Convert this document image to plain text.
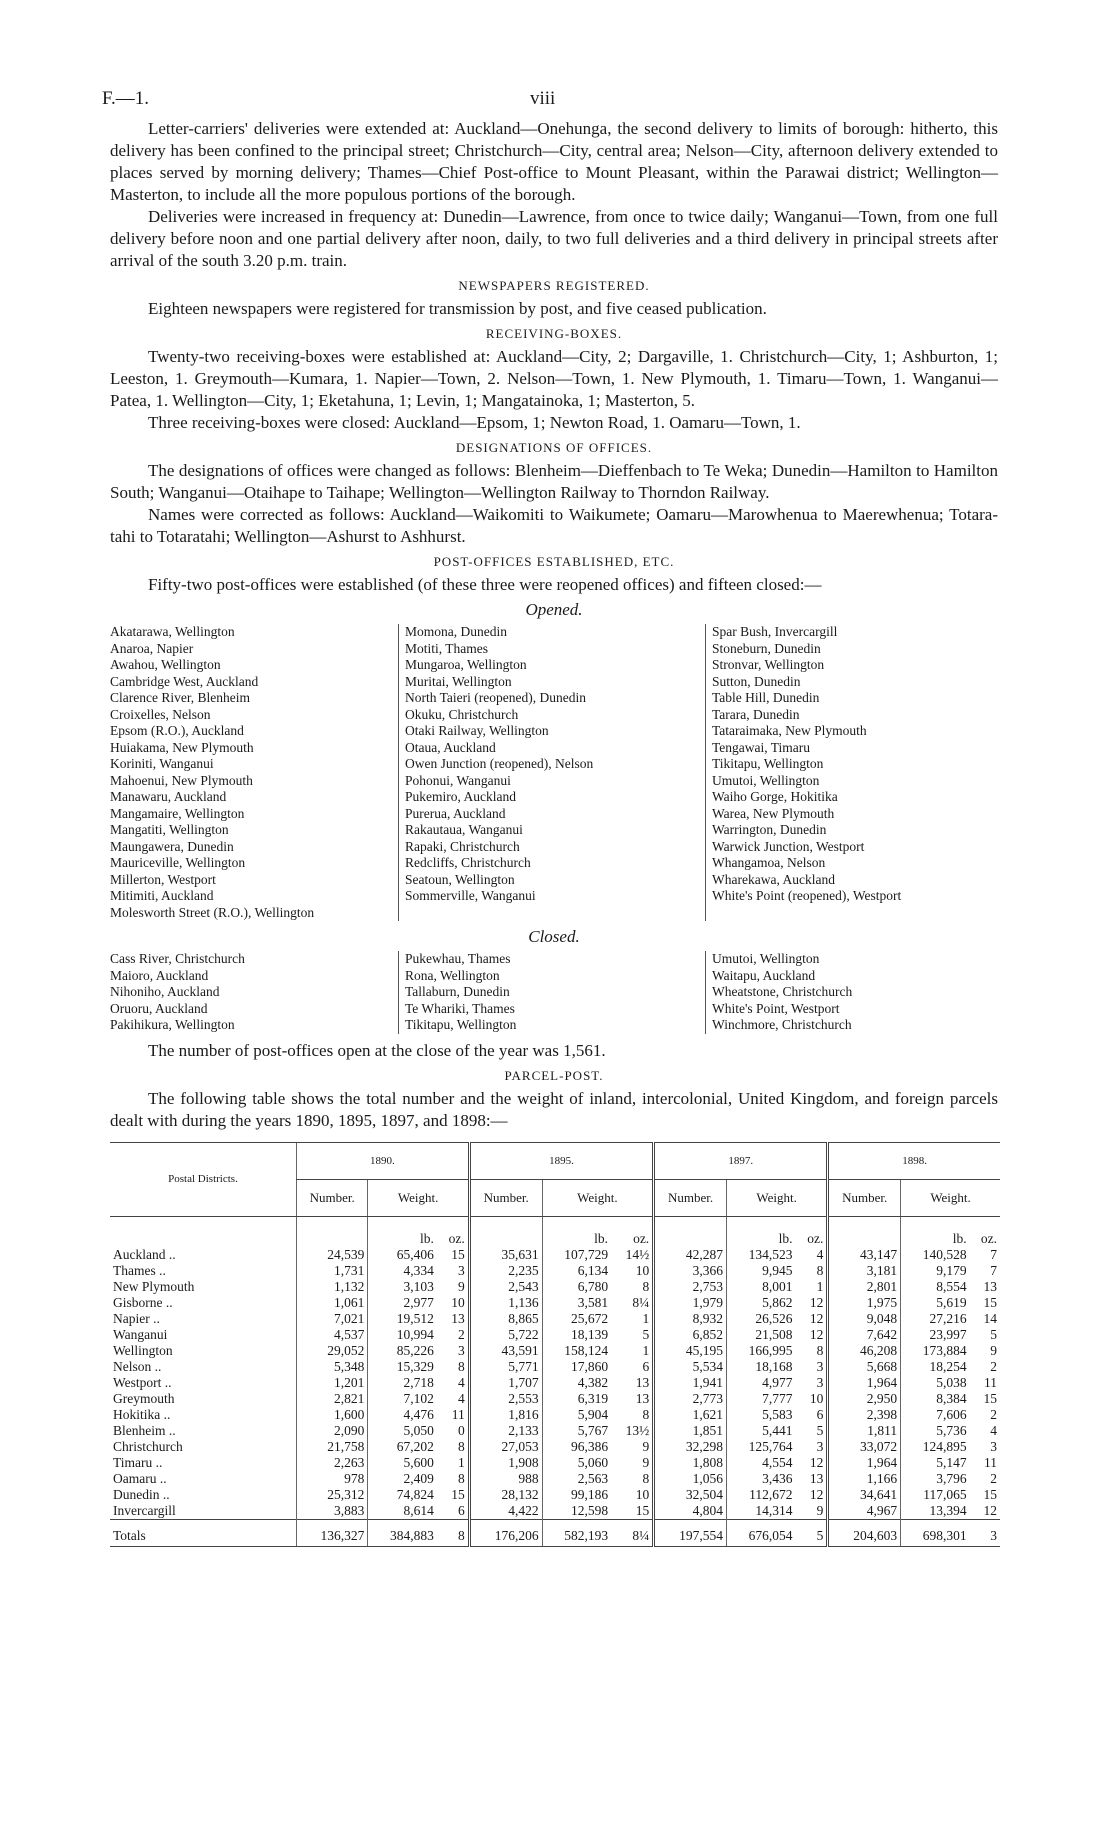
F.—1.	viii

Letter-carriers' deliveries were extended at: Auckland—Onehunga, the second delivery to limits of borough: hitherto, this delivery has been confined to the principal street; Christchurch—City, central area; Nelson—City, afternoon delivery extended to places served by morning delivery; Thames—Chief Post-office to Mount Pleasant, within the Parawai district; Wellington—Masterton, to include all the more populous portions of the borough.

Deliveries were increased in frequency at: Dunedin—Lawrence, from once to twice daily; Wanganui—Town, from one full delivery before noon and one partial delivery after noon, daily, to two full deliveries and a third delivery in principal streets after arrival of the south 3.20 p.m. train.

NEWSPAPERS REGISTERED.

Eighteen newspapers were registered for transmission by post, and five ceased publication.

RECEIVING-BOXES.

Twenty-two receiving-boxes were established at: Auckland—City, 2; Dargaville, 1. Christchurch—City, 1; Ashburton, 1; Leeston, 1. Greymouth—Kumara, 1. Napier—Town, 2. Nelson—Town, 1. New Plymouth, 1. Timaru—Town, 1. Wanganui—Patea, 1. Wellington—City, 1; Eketahuna, 1; Levin, 1; Mangatainoka, 1; Masterton, 5.

Three receiving-boxes were closed: Auckland—Epsom, 1; Newton Road, 1. Oamaru—Town, 1.

DESIGNATIONS OF OFFICES.

The designations of offices were changed as follows: Blenheim—Dieffenbach to Te Weka; Dunedin—Hamilton to Hamilton South; Wanganui—Otaihape to Taihape; Wellington—Wellington Railway to Thorndon Railway.

Names were corrected as follows: Auckland—Waikomiti to Waikumete; Oamaru—Marowhenua to Maerewhenua; Totara-tahi to Totaratahi; Wellington—Ashurst to Ashhurst.

POST-OFFICES ESTABLISHED, ETC.

Fifty-two post-offices were established (of these three were reopened offices) and fifteen closed:—

Opened.
Akatarawa, Wellington
Anaroa, Napier
Awahou, Wellington
Cambridge West, Auckland
Clarence River, Blenheim
Croixelles, Nelson
Epsom (R.O.), Auckland
Huiakama, New Plymouth
Koriniti, Wanganui
Mahoenui, New Plymouth
Manawaru, Auckland
Mangamaire, Wellington
Mangatiti, Wellington
Maungawera, Dunedin
Mauriceville, Wellington
Millerton, Westport
Mitimiti, Auckland
Molesworth Street (R.O.), Wellington
Momona, Dunedin
Motiti, Thames
Mungaroa, Wellington
Muritai, Wellington
North Taieri (reopened), Dunedin
Okuku, Christchurch
Otaki Railway, Wellington
Otaua, Auckland
Owen Junction (reopened), Nelson
Pohonui, Wanganui
Pukemiro, Auckland
Purerua, Auckland
Rakautaua, Wanganui
Rapaki, Christchurch
Redcliffs, Christchurch
Seatoun, Wellington
Sommerville, Wanganui
Spar Bush, Invercargill
Stoneburn, Dunedin
Stronvar, Wellington
Sutton, Dunedin
Table Hill, Dunedin
Tarara, Dunedin
Tataraimaka, New Plymouth
Tengawai, Timaru
Tikitapu, Wellington
Umutoi, Wellington
Waiho Gorge, Hokitika
Warea, New Plymouth
Warrington, Dunedin
Warwick Junction, Westport
Whangamoa, Nelson
Wharekawa, Auckland
White's Point (reopened), Westport
Closed.
Cass River, Christchurch
Maioro, Auckland
Nihoniho, Auckland
Oruoru, Auckland
Pakihikura, Wellington
Pukewhau, Thames
Rona, Wellington
Tallaburn, Dunedin
Te Whariki, Thames
Tikitapu, Wellington
Umutoi, Wellington
Waitapu, Auckland
Wheatstone, Christchurch
White's Point, Westport
Winchmore, Christchurch

The number of post-offices open at the close of the year was 1,561.

PARCEL-POST.

The following table shows the total number and the weight of inland, intercolonial, United Kingdom, and foreign parcels dealt with during the years 1890, 1895, 1897, and 1898:—

Postal Districts.	1890.			1895.			1897.			1898.		
	Number.	Weight.		Number.	Weight.		Number.	Weight.		Number.	Weight.	
		lb.	oz.		lb.	oz.		lb.	oz.		lb.	oz.
Auckland ..	24,539	65,406	15	35,631	107,729	14½	42,287	134,523	4	43,147	140,528	7
Thames ..	1,731	4,334	3	2,235	6,134	10	3,366	9,945	8	3,181	9,179	7
New Plymouth	1,132	3,103	9	2,543	6,780	8	2,753	8,001	1	2,801	8,554	13
Gisborne ..	1,061	2,977	10	1,136	3,581	8¼	1,979	5,862	12	1,975	5,619	15
Napier ..	7,021	19,512	13	8,865	25,672	1	8,932	26,526	12	9,048	27,216	14
Wanganui	4,537	10,994	2	5,722	18,139	5	6,852	21,508	12	7,642	23,997	5
Wellington	29,052	85,226	3	43,591	158,124	1	45,195	166,995	8	46,208	173,884	9
Nelson ..	5,348	15,329	8	5,771	17,860	6	5,534	18,168	3	5,668	18,254	2
Westport ..	1,201	2,718	4	1,707	4,382	13	1,941	4,977	3	1,964	5,038	11
Greymouth	2,821	7,102	4	2,553	6,319	13	2,773	7,777	10	2,950	8,384	15
Hokitika ..	1,600	4,476	11	1,816	5,904	8	1,621	5,583	6	2,398	7,606	2
Blenheim ..	2,090	5,050	0	2,133	5,767	13½	1,851	5,441	5	1,811	5,736	4
Christchurch	21,758	67,202	8	27,053	96,386	9	32,298	125,764	3	33,072	124,895	3
Timaru ..	2,263	5,600	1	1,908	5,060	9	1,808	4,554	12	1,964	5,147	11
Oamaru ..	978	2,409	8	988	2,563	8	1,056	3,436	13	1,166	3,796	2
Dunedin ..	25,312	74,824	15	28,132	99,186	10	32,504	112,672	12	34,641	117,065	15
Invercargill	3,883	8,614	6	4,422	12,598	15	4,804	14,314	9	4,967	13,394	12
Totals	136,327	384,883	8	176,206	582,193	8¼	197,554	676,054	5	204,603	698,301	3
